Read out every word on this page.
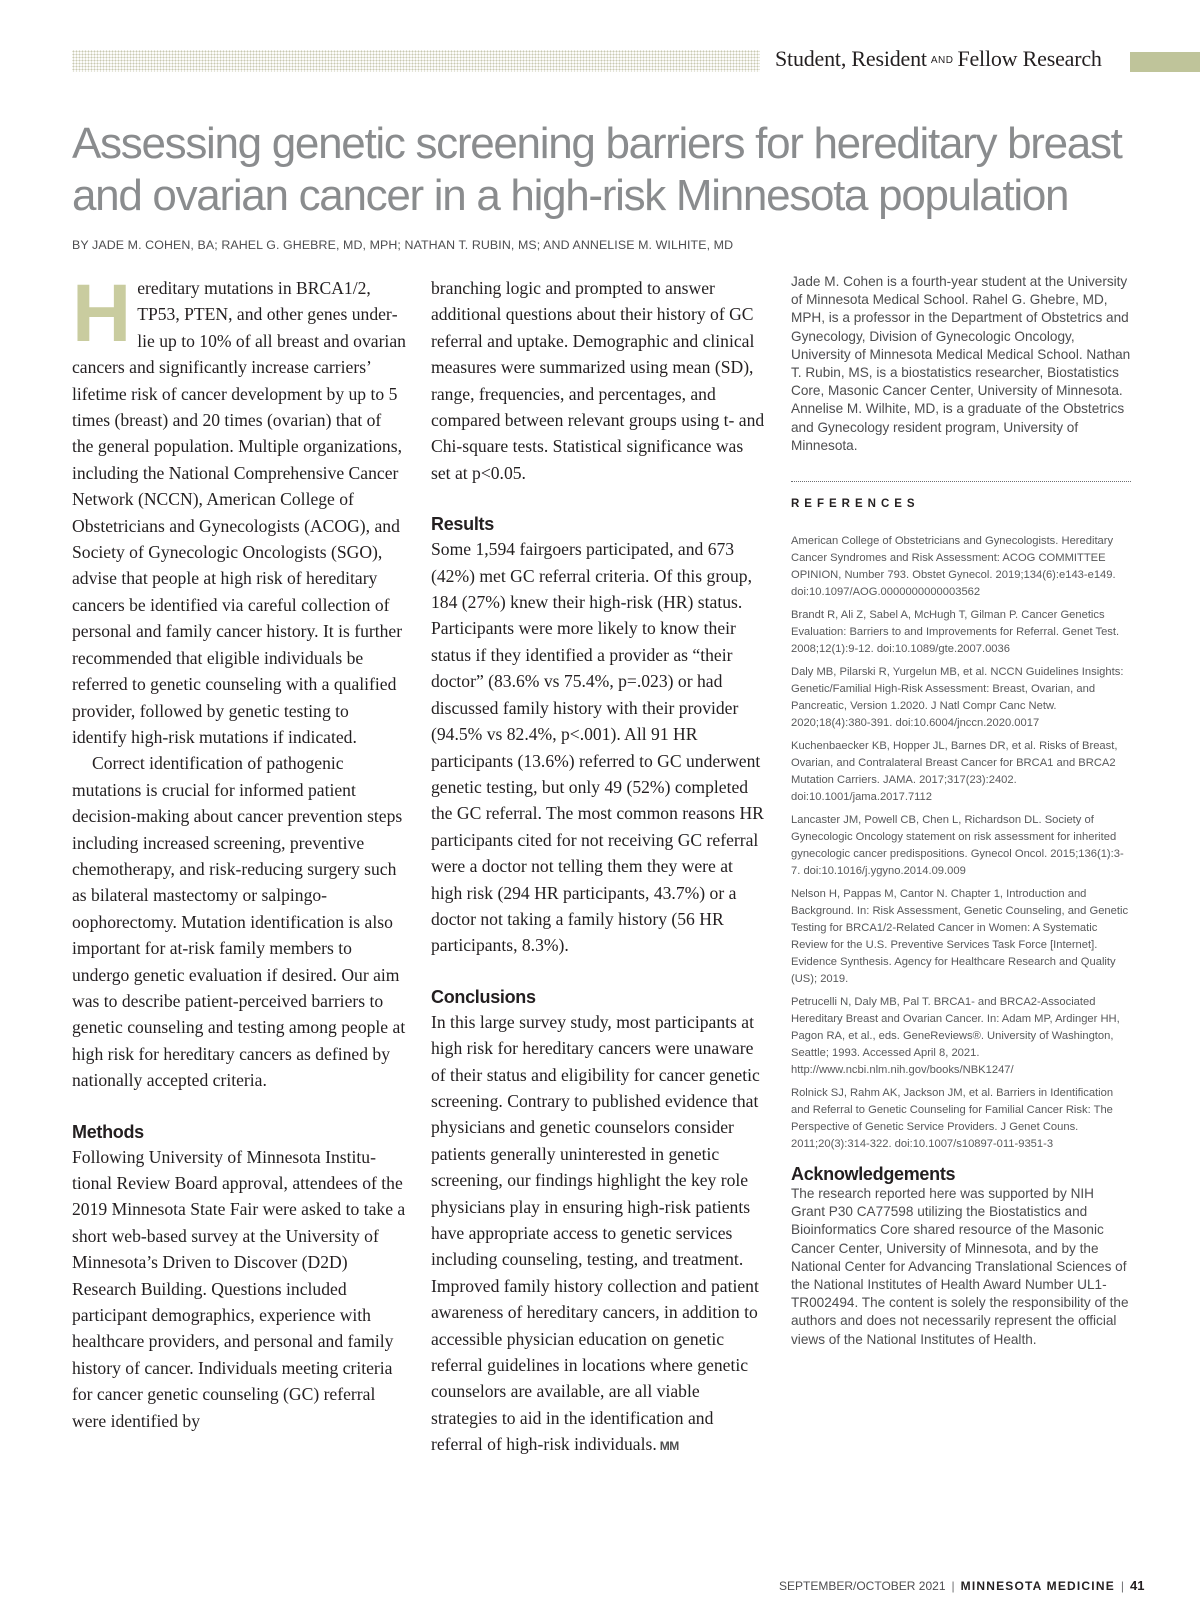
Student, Resident AND Fellow Research
Assessing genetic screening barriers for hereditary breast and ovarian cancer in a high-risk Minnesota population
BY JADE M. COHEN, BA; RAHEL G. GHEBRE, MD, MPH; NATHAN T. RUBIN, MS; AND ANNELISE M. WILHITE, MD

Hereditary mutations in BRCA1/2, TP53, PTEN, and other genes underlie up to 10% of all breast and ovarian cancers and significantly increase carriers’ lifetime risk of cancer development by up to 5 times (breast) and 20 times (ovarian) that of the general population. Multiple organizations, including the National Comprehensive Cancer Network (NCCN), American College of Obstetricians and Gynecologists (ACOG), and Society of Gynecologic Oncologists (SGO), advise that people at high risk of hereditary cancers be identified via careful collection of personal and family cancer history. It is further recommended that eligible individuals be referred to genetic counseling with a qualified provider, followed by genetic testing to identify high-risk mutations if indicated.

Correct identification of pathogenic mutations is crucial for informed patient decision-making about cancer prevention steps including increased screening, preventive chemotherapy, and risk-reducing surgery such as bilateral mastectomy or salpingo-oophorectomy. Mutation identification is also important for at-risk family members to undergo genetic evaluation if desired. Our aim was to describe patient-perceived barriers to genetic counseling and testing among people at high risk for hereditary cancers as defined by nationally accepted criteria.

Methods

Following University of Minnesota Institutional Review Board approval, attendees of the 2019 Minnesota State Fair were asked to take a short web-based survey at the University of Minnesota’s Driven to Discover (D2D) Research Building. Questions included participant demographics, experience with healthcare providers, and personal and family history of cancer. Individuals meeting criteria for cancer genetic counseling (GC) referral were identified by

branching logic and prompted to answer additional questions about their history of GC referral and uptake. Demographic and clinical measures were summarized using mean (SD), range, frequencies, and percentages, and compared between relevant groups using t- and Chi-square tests. Statistical significance was set at p<0.05.

Results

Some 1,594 fairgoers participated, and 673 (42%) met GC referral criteria. Of this group, 184 (27%) knew their high-risk (HR) status. Participants were more likely to know their status if they identified a provider as “their doctor” (83.6% vs 75.4%, p=.023) or had discussed family history with their provider (94.5% vs 82.4%, p<.001). All 91 HR participants (13.6%) referred to GC underwent genetic testing, but only 49 (52%) completed the GC referral. The most common reasons HR participants cited for not receiving GC referral were a doctor not telling them they were at high risk (294 HR participants, 43.7%) or a doctor not taking a family history (56 HR participants, 8.3%).

Conclusions

In this large survey study, most participants at high risk for hereditary cancers were unaware of their status and eligibility for cancer genetic screening. Contrary to published evidence that physicians and genetic counselors consider patients generally uninterested in genetic screening, our findings highlight the key role physicians play in ensuring high-risk patients have appropriate access to genetic services including counseling, testing, and treatment. Improved family history collection and patient awareness of hereditary cancers, in addition to accessible physician education on genetic referral guidelines in locations where genetic counselors are available, are all viable strategies to aid in the identification and referral of high-risk individuals. MM

Jade M. Cohen is a fourth-year student at the University of Minnesota Medical School. Rahel G. Ghebre, MD, MPH, is a professor in the Department of Obstetrics and Gynecology, Division of Gynecologic Oncology, University of Minnesota Medical Medical School. Nathan T. Rubin, MS, is a biostatistics researcher, Biostatistics Core, Masonic Cancer Center, University of Minnesota. Annelise M. Wilhite, MD, is a graduate of the Obstetrics and Gynecology resident program, University of Minnesota.

REFERENCES

American College of Obstetricians and Gynecologists. Hereditary Cancer Syndromes and Risk Assessment: ACOG COMMITTEE OPINION, Number 793. Obstet Gynecol. 2019;134(6):e143-e149. doi:10.1097/AOG.0000000000003562

Brandt R, Ali Z, Sabel A, McHugh T, Gilman P. Cancer Genetics Evaluation: Barriers to and Improvements for Referral. Genet Test. 2008;12(1):9-12. doi:10.1089/gte.2007.0036

Daly MB, Pilarski R, Yurgelun MB, et al. NCCN Guidelines Insights: Genetic/Familial High-Risk Assessment: Breast, Ovarian, and Pancreatic, Version 1.2020. J Natl Compr Canc Netw. 2020;18(4):380-391. doi:10.6004/jnccn.2020.0017

Kuchenbaecker KB, Hopper JL, Barnes DR, et al. Risks of Breast, Ovarian, and Contralateral Breast Cancer for BRCA1 and BRCA2 Mutation Carriers. JAMA. 2017;317(23):2402. doi:10.1001/jama.2017.7112

Lancaster JM, Powell CB, Chen L, Richardson DL. Society of Gynecologic Oncology statement on risk assessment for inherited gynecologic cancer predispositions. Gynecol Oncol. 2015;136(1):3-7. doi:10.1016/j.ygyno.2014.09.009

Nelson H, Pappas M, Cantor N. Chapter 1, Introduction and Background. In: Risk Assessment, Genetic Counseling, and Genetic Testing for BRCA1/2-Related Cancer in Women: A Systematic Review for the U.S. Preventive Services Task Force [Internet]. Evidence Synthesis. Agency for Healthcare Research and Quality (US); 2019.

Petrucelli N, Daly MB, Pal T. BRCA1- and BRCA2-Associated Hereditary Breast and Ovarian Cancer. In: Adam MP, Ardinger HH, Pagon RA, et al., eds. GeneReviews®. University of Washington, Seattle; 1993. Accessed April 8, 2021. http://www.ncbi.nlm.nih.gov/books/NBK1247/

Rolnick SJ, Rahm AK, Jackson JM, et al. Barriers in Identification and Referral to Genetic Counseling for Familial Cancer Risk: The Perspective of Genetic Service Providers. J Genet Couns. 2011;20(3):314-322. doi:10.1007/s10897-011-9351-3

Acknowledgements

The research reported here was supported by NIH Grant P30 CA77598 utilizing the Biostatistics and Bioinformatics Core shared resource of the Masonic Cancer Center, University of Minnesota, and by the National Center for Advancing Translational Sciences of the National Institutes of Health Award Number UL1-TR002494. The content is solely the responsibility of the authors and does not necessarily represent the official views of the National Institutes of Health.

SEPTEMBER/OCTOBER 2021 | MINNESOTA MEDICINE | 41
